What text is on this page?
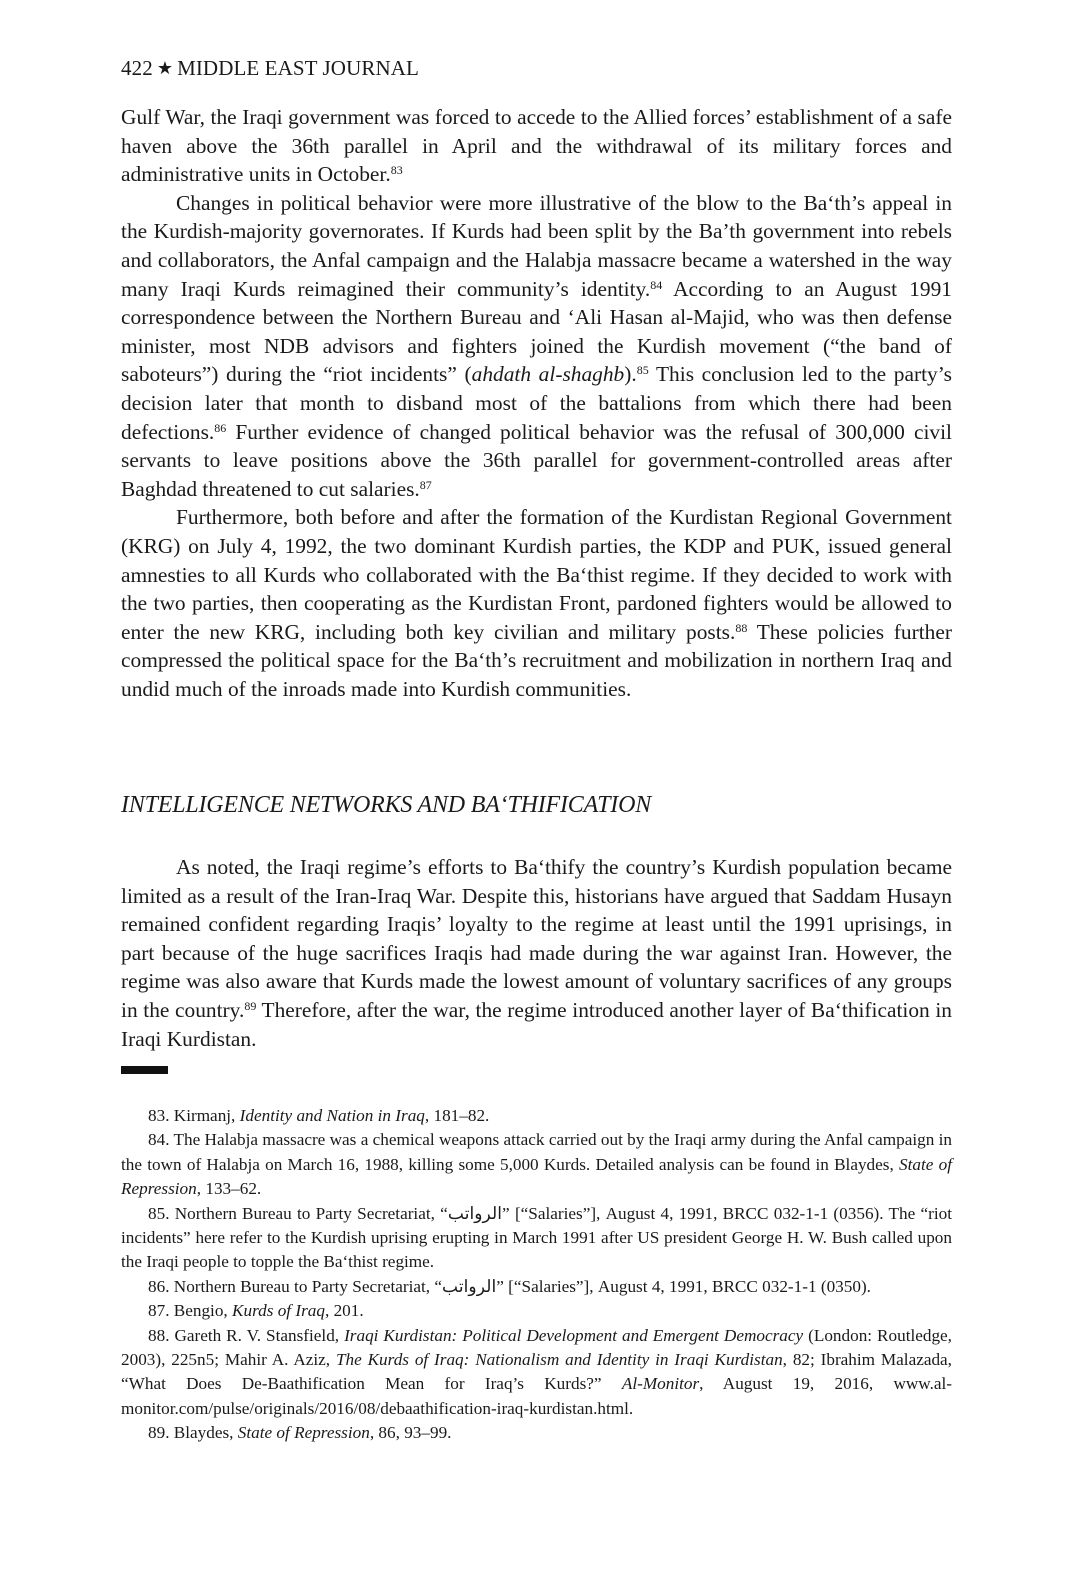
422 ★ MIDDLE EAST JOURNAL

Gulf War, the Iraqi government was forced to accede to the Allied forces’ establishment of a safe haven above the 36th parallel in April and the withdrawal of its military forces and administrative units in October.$^{83}$

Changes in political behavior were more illustrative of the blow to the Ba‘th’s appeal in the Kurdish-majority governorates. If Kurds had been split by the Ba’th government into rebels and collaborators, the Anfal campaign and the Halabja massacre became a watershed in the way many Iraqi Kurds reimagined their community’s identity.$^{84}$ According to an August 1991 correspondence between the Northern Bureau and ‘Ali Hasan al-Majid, who was then defense minister, most NDB advisors and fighters joined the Kurdish movement (“the band of saboteurs”) during the “riot incidents” (ahdath al-shaghb).$^{85}$ This conclusion led to the party’s decision later that month to disband most of the battalions from which there had been defections.$^{86}$ Further evidence of changed political behavior was the refusal of 300,000 civil servants to leave positions above the 36th parallel for government-controlled areas after Baghdad threatened to cut salaries.$^{87}$

Furthermore, both before and after the formation of the Kurdistan Regional Government (KRG) on July 4, 1992, the two dominant Kurdish parties, the KDP and PUK, issued general amnesties to all Kurds who collaborated with the Ba‘thist regime. If they decided to work with the two parties, then cooperating as the Kurdistan Front, pardoned fighters would be allowed to enter the new KRG, including both key civilian and military posts.$^{88}$ These policies further compressed the political space for the Ba‘th’s recruitment and mobilization in northern Iraq and undid much of the inroads made into Kurdish communities.

INTELLIGENCE NETWORKS AND BA‘THIFICATION

As noted, the Iraqi regime’s efforts to Ba‘thify the country’s Kurdish population became limited as a result of the Iran-Iraq War. Despite this, historians have argued that Saddam Husayn remained confident regarding Iraqis’ loyalty to the regime at least until the 1991 uprisings, in part because of the huge sacrifices Iraqis had made during the war against Iran. However, the regime was also aware that Kurds made the lowest amount of voluntary sacrifices of any groups in the country.$^{89}$ Therefore, after the war, the regime introduced another layer of Ba‘thification in Iraqi Kurdistan.

83. Kirmanj, Identity and Nation in Iraq, 181–82.

84. The Halabja massacre was a chemical weapons attack carried out by the Iraqi army during the Anfal campaign in the town of Halabja on March 16, 1988, killing some 5,000 Kurds. Detailed analysis can be found in Blaydes, State of Repression, 133–62.

85. Northern Bureau to Party Secretariat, “الرواتب” [“Salaries”], August 4, 1991, BRCC 032-1-1 (0356). The “riot incidents” here refer to the Kurdish uprising erupting in March 1991 after US president George H. W. Bush called upon the Iraqi people to topple the Ba‘thist regime.

86. Northern Bureau to Party Secretariat, “الرواتب” [“Salaries”], August 4, 1991, BRCC 032-1-1 (0350).

87. Bengio, Kurds of Iraq, 201.

88. Gareth R. V. Stansfield, Iraqi Kurdistan: Political Development and Emergent Democracy (London: Routledge, 2003), 225n5; Mahir A. Aziz, The Kurds of Iraq: Nationalism and Identity in Iraqi Kurdistan, 82; Ibrahim Malazada, “What Does De-Baathification Mean for Iraq’s Kurds?” Al-Monitor, August 19, 2016, www.al-monitor.com/pulse/originals/2016/08/debaathification-iraq-kurdistan.html.

89. Blaydes, State of Repression, 86, 93–99.
